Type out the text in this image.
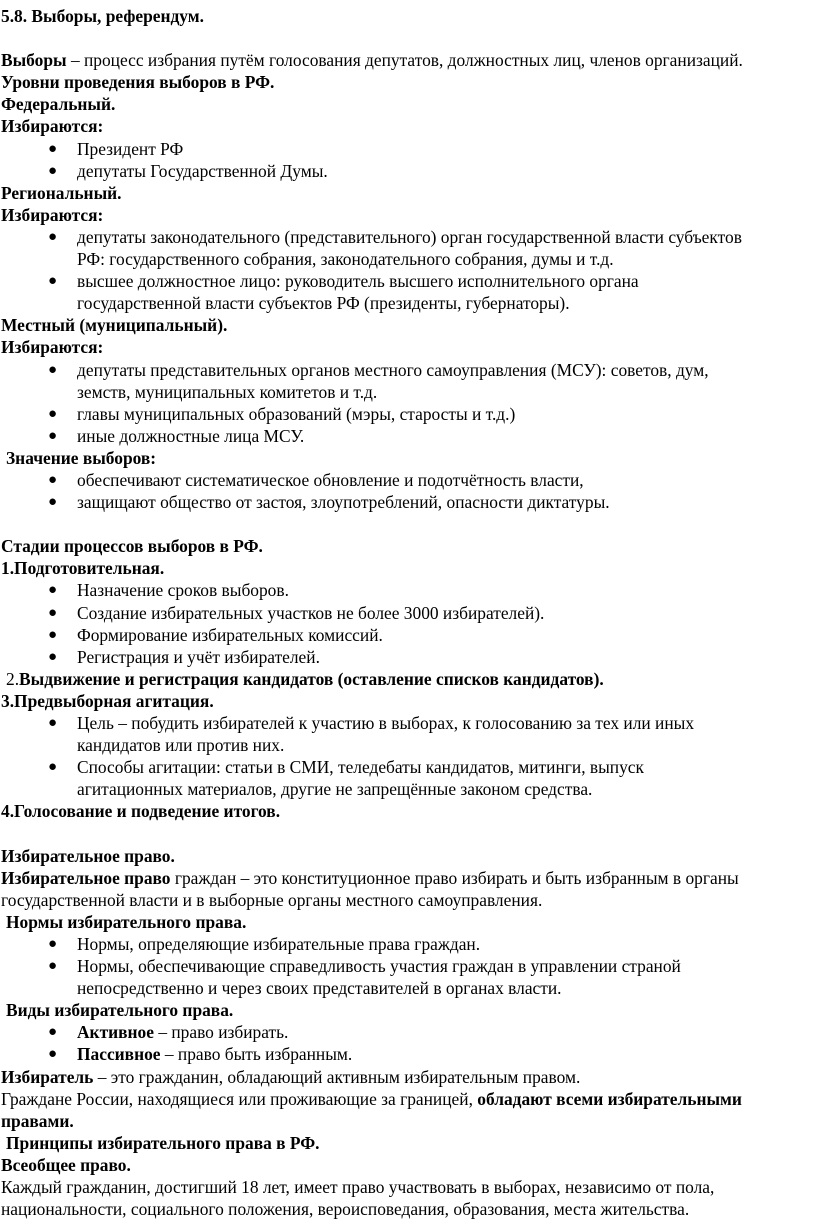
5.8. Выборы, референдум.
Выборы – процесс избрания путём голосования депутатов, должностных лиц, членов организаций.
Уровни проведения выборов в РФ.
Федеральный.
Избираются:
● Президент РФ
● депутаты Государственной Думы.
Региональный.
Избираются:
● депутаты законодательного (представительного) орган государственной власти субъектов
РФ: государственного собрания, законодательного собрания, думы и т.д.
● высшее должностное лицо: руководитель высшего исполнительного органа
государственной власти субъектов РФ (президенты, губернаторы).
Местный (муниципальный).
Избираются:
● депутаты представительных органов местного самоуправления (МСУ): советов, дум,
земств, муниципальных комитетов и т.д.
● главы муниципальных образований (мэры, старосты и т.д.)
● иные должностные лица МСУ.
Значение выборов:
● обеспечивают систематическое обновление и подотчётность власти,
● защищают общество от застоя, злоупотреблений, опасности диктатуры.
Стадии процессов выборов в РФ.
1.Подготовительная.
● Назначение сроков выборов.
● Создание избирательных участков не более 3000 избирателей).
● Формирование избирательных комиссий.
● Регистрация и учёт избирателей.
2.Выдвижение и регистрация кандидатов (оставление списков кандидатов).
3.Предвыборная агитация.
● Цель – побудить избирателей к участию в выборах, к голосованию за тех или иных
кандидатов или против них.
● Способы агитации: статьи в СМИ, теледебаты кандидатов, митинги, выпуск
агитационных материалов, другие не запрещённые законом средства.
4.Голосование и подведение итогов.
Избирательное право.
Избирательное право граждан – это конституционное право избирать и быть избранным в органы
государственной власти и в выборные органы местного самоуправления.
Нормы избирательного права.
● Нормы, определяющие избирательные права граждан.
● Нормы, обеспечивающие справедливость участия граждан в управлении страной
непосредственно и через своих представителей в органах власти.
Виды избирательного права.
● Активное – право избирать.
● Пассивное – право быть избранным.
Избиратель – это гражданин, обладающий активным избирательным правом.
Граждане России, находящиеся или проживающие за границей, обладают всеми избирательными
правами.
Принципы избирательного права в РФ.
Всеобщее право.
Каждый гражданин, достигший 18 лет, имеет право участвовать в выборах, независимо от пола,
национальности, социального положения, вероисповедания, образования, места жительства.
